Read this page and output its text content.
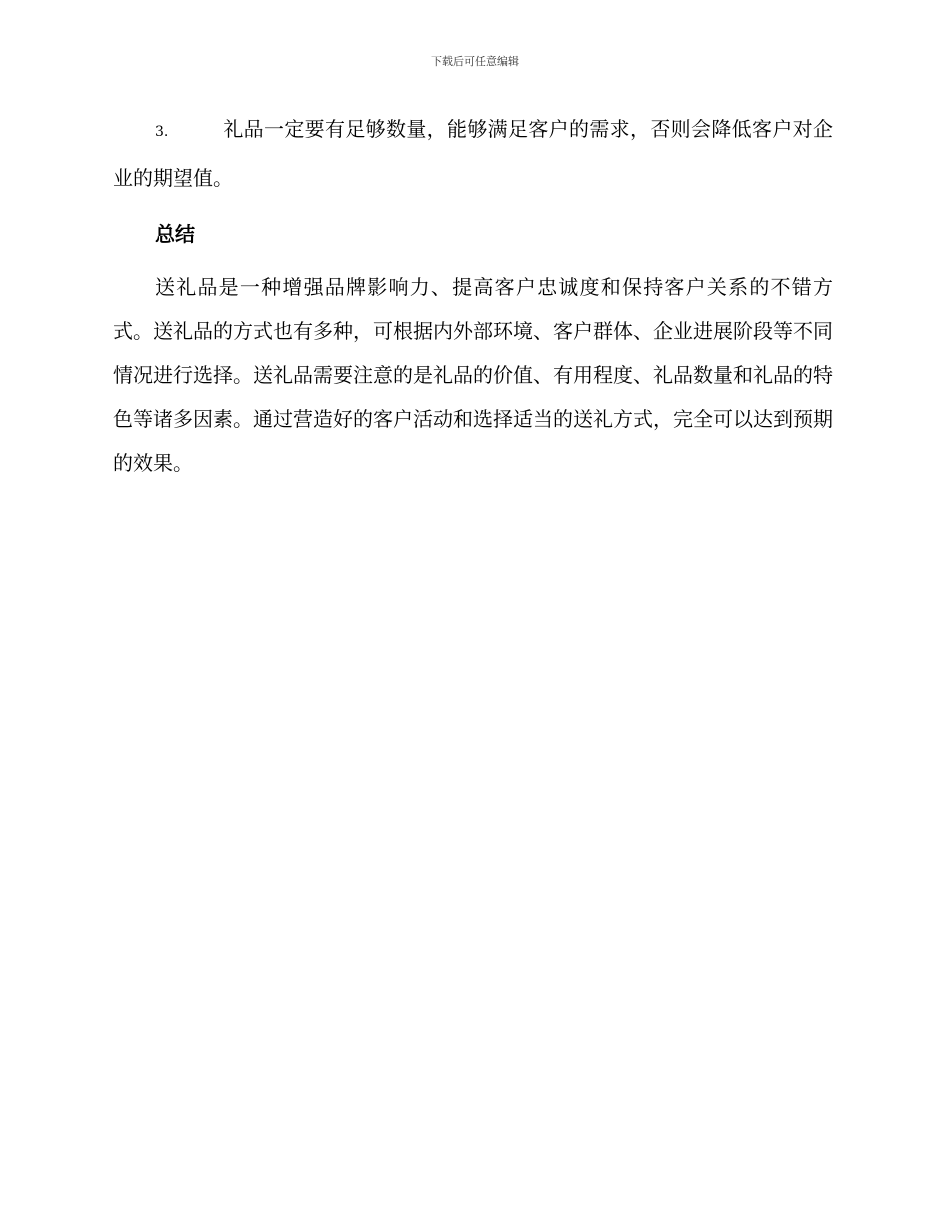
下载后可任意编辑

3.	礼品一定要有足够数量，能够满足客户的需求，否则会降低客户对企业的期望值。

总结

送礼品是一种增强品牌影响力、提高客户忠诚度和保持客户关系的不错方式。送礼品的方式也有多种，可根据内外部环境、客户群体、企业进展阶段等不同情况进行选择。送礼品需要注意的是礼品的价值、有用程度、礼品数量和礼品的特色等诸多因素。通过营造好的客户活动和选择适当的送礼方式，完全可以达到预期的效果。
